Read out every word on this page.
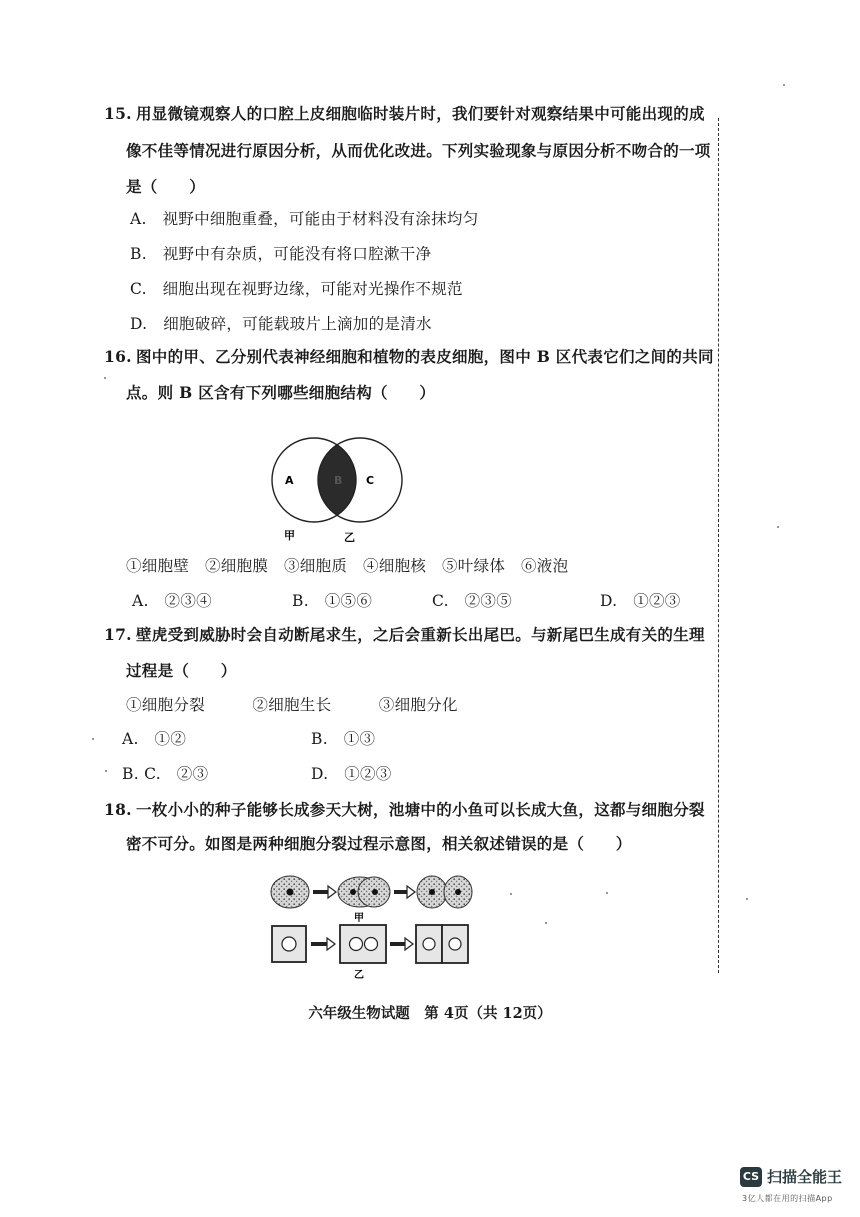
15. 用显微镜观察人的口腔上皮细胞临时装片时，我们要针对观察结果中可能出现的成
像不佳等情况进行原因分析，从而优化改进。下列实验现象与原因分析不吻合的一项
是（　　）
A.　视野中细胞重叠，可能由于材料没有涂抹均匀
B.　视野中有杂质，可能没有将口腔漱干净
C.　细胞出现在视野边缘，可能对光操作不规范
D.　细胞破碎，可能载玻片上滴加的是清水
16. 图中的甲、乙分别代表神经细胞和植物的表皮细胞，图中 B 区代表它们之间的共同
点。则 B 区含有下列哪些细胞结构（　　）
A	B C
甲	乙
①细胞壁　②细胞膜　③细胞质　④细胞核　⑤叶绿体　⑥液泡
A.　②③④	B.　①⑤⑥	C.　②③⑤	D.　①②③
17. 壁虎受到威胁时会自动断尾求生，之后会重新长出尾巴。与新尾巴生成有关的生理
过程是（　　）
①细胞分裂　　　②细胞生长　　　③细胞分化
A.　①②	B.　①③
B. C.　②③	D.　①②③
18. 一枚小小的种子能够长成参天大树，池塘中的小鱼可以长成大鱼，这都与细胞分裂
密不可分。如图是两种细胞分裂过程示意图，相关叙述错误的是（　　）
甲
乙
六年级生物试题　第 4页（共 12页）
CS 扫描全能王
3亿人都在用的扫描App
